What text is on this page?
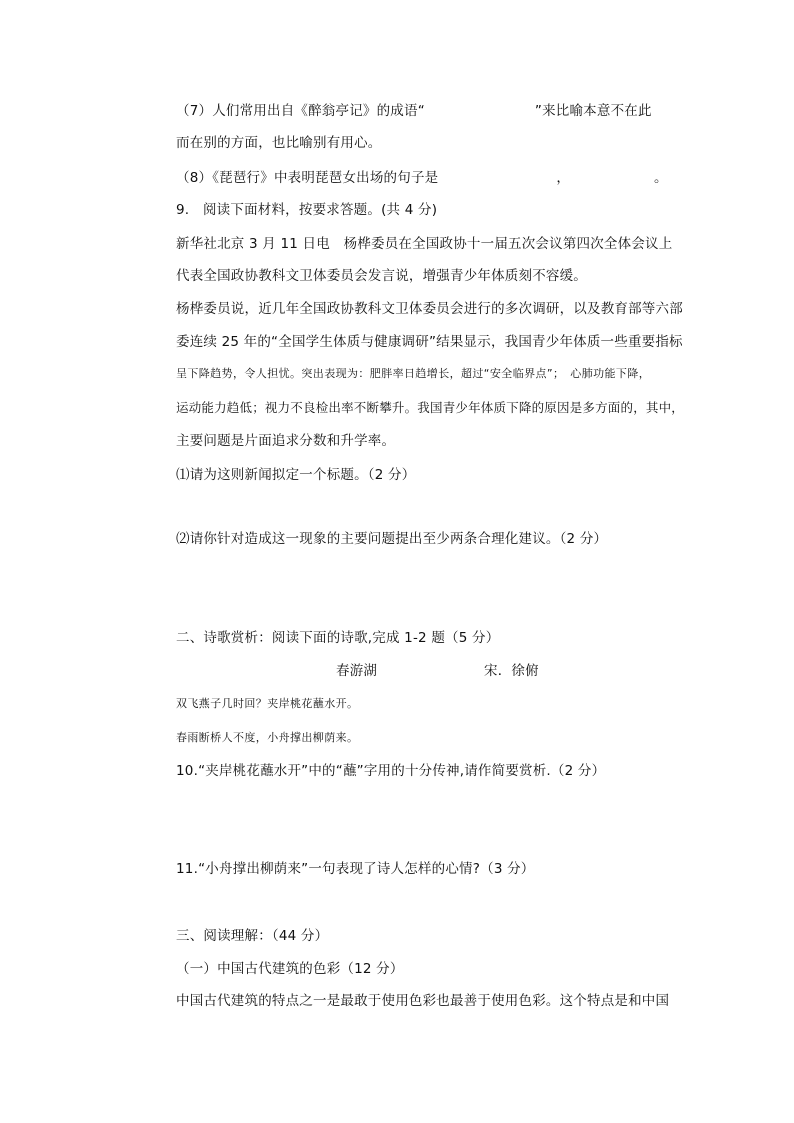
（7）人们常用出自《醉翁亭记》的成语“	”来比喻本意不在此
而在别的方面，也比喻别有用心。
（8）《琵琶行》中表明琵琶女出场的句子是	，	。
9.　阅读下面材料，按要求答题。(共 4 分)
新华社北京 3 月 11 日电　杨桦委员在全国政协十一届五次会议第四次全体会议上
代表全国政协教科文卫体委员会发言说，增强青少年体质刻不容缓。
杨桦委员说，近几年全国政协教科文卫体委员会进行的多次调研，以及教育部等六部
委连续 25 年的“全国学生体质与健康调研”结果显示，我国青少年体质一些重要指标
呈下降趋势，令人担忧。突出表现为：肥胖率日趋增长，超过“安全临界点”；　心肺功能下降，
运动能力趋低；视力不良检出率不断攀升。我国青少年体质下降的原因是多方面的，其中，
主要问题是片面追求分数和升学率。
⑴请为这则新闻拟定一个标题。（2 分）
⑵请你针对造成这一现象的主要问题提出至少两条合理化建议。（2 分）
二、诗歌赏析：阅读下面的诗歌,完成 1-2 题（5 分）
春游湖	宋．徐俯
双飞燕子几时回？夹岸桃花蘸水开。
春雨断桥人不度，小舟撑出柳荫来。
10.“夹岸桃花蘸水开”中的“蘸”字用的十分传神,请作简要赏析.（2 分）
11.“小舟撑出柳荫来”一句表现了诗人怎样的心情?（3 分）
三、阅读理解：（44 分）
（一）中国古代建筑的色彩（12 分）
中国古代建筑的特点之一是最敢于使用色彩也最善于使用色彩。这个特点是和中国
